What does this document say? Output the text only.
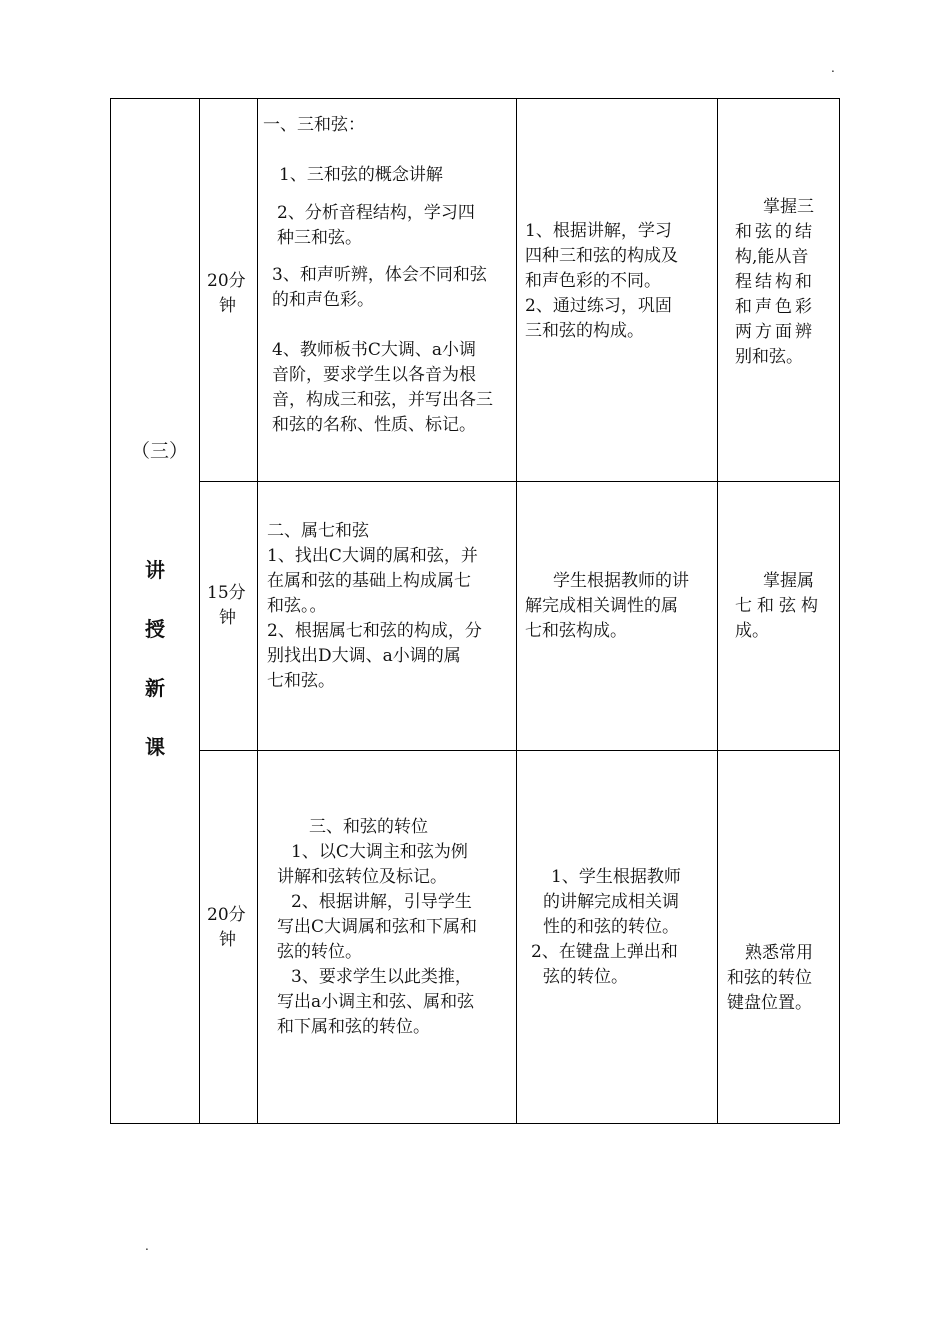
.
.
（三）
讲
授
新
课
20分
钟
一、三和弦：
1、三和弦的概念讲解
2、分析音程结构，学习四
种三和弦。
3、和声听辨，体会不同和弦
的和声色彩。
4、教师板书C大调、a小调
音阶，要求学生以各音为根
音，构成三和弦，并写出各三
和弦的名称、性质、标记。
1、根据讲解，学习
四种三和弦的构成及
和声色彩的不同。
2、通过练习，巩固
三和弦的构成。
掌握三
和弦的结
构,能从音
程结构和
和声色彩
两方面辨
别和弦。
15分
钟
二、属七和弦
1、找出C大调的属和弦，并
在属和弦的基础上构成属七
和弦。。
2、根据属七和弦的构成，分
别找出D大调、a小调的属
七和弦。
学生根据教师的讲
解完成相关调性的属
七和弦构成。
掌握属
七和弦构
成。
20分
钟
三、和弦的转位
1、以C大调主和弦为例
讲解和弦转位及标记。
2、根据讲解，引导学生
写出C大调属和弦和下属和
弦的转位。
3、要求学生以此类推，
写出a小调主和弦、属和弦
和下属和弦的转位。
1、学生根据教师
的讲解完成相关调
性的和弦的转位。
2、在键盘上弹出和
弦的转位。
熟悉常用
和弦的转位
键盘位置。
